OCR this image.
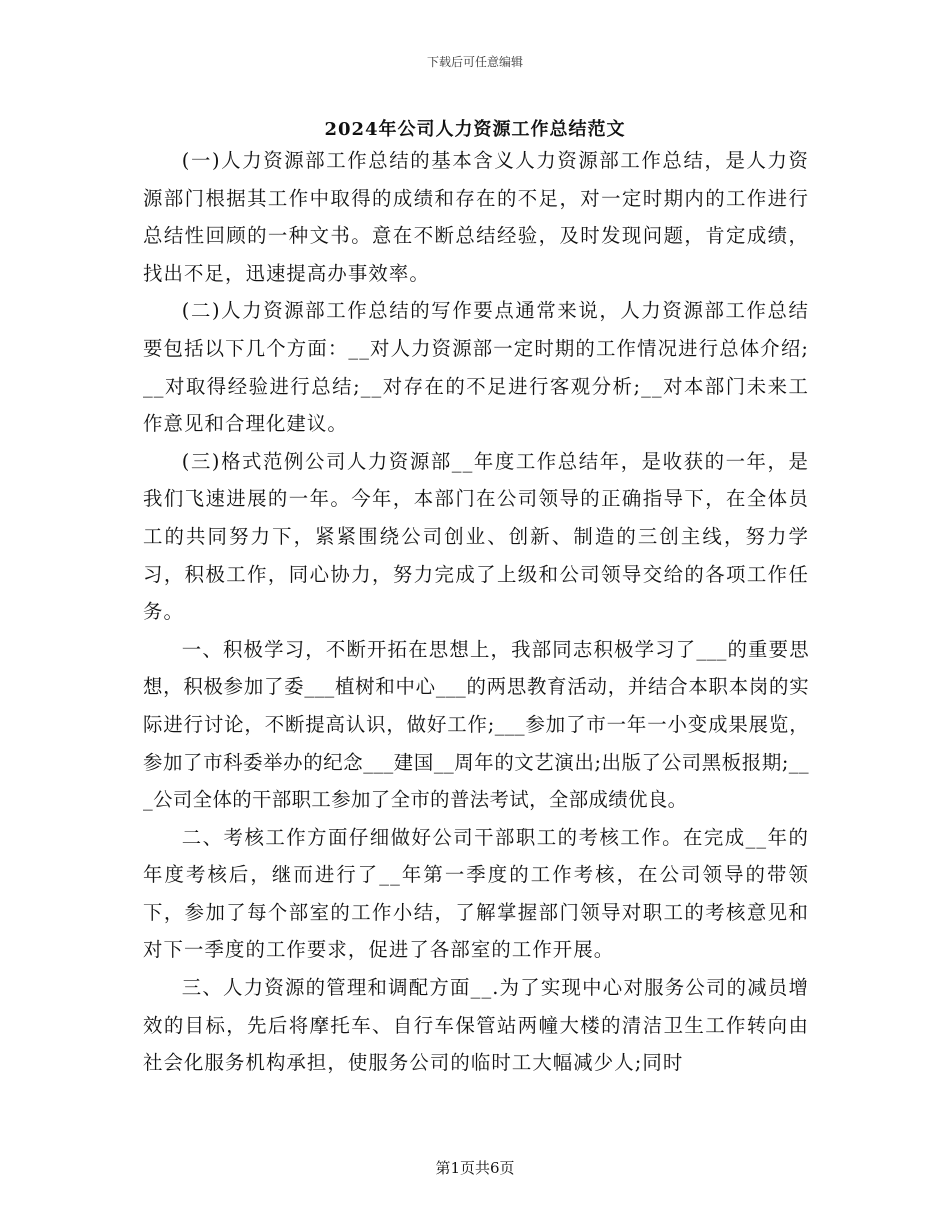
下载后可任意编辑
2024年公司人力资源工作总结范文

(一)人力资源部工作总结的基本含义人力资源部工作总结，是人力资源部门根据其工作中取得的成绩和存在的不足，对一定时期内的工作进行总结性回顾的一种文书。意在不断总结经验，及时发现问题，肯定成绩，找出不足，迅速提高办事效率。

(二)人力资源部工作总结的写作要点通常来说，人力资源部工作总结要包括以下几个方面：__对人力资源部一定时期的工作情况进行总体介绍;__对取得经验进行总结;__对存在的不足进行客观分析;__对本部门未来工作意见和合理化建议。

(三)格式范例公司人力资源部__年度工作总结年，是收获的一年，是我们飞速进展的一年。今年，本部门在公司领导的正确指导下，在全体员工的共同努力下，紧紧围绕公司创业、创新、制造的三创主线，努力学习，积极工作，同心协力，努力完成了上级和公司领导交给的各项工作任务。

一、积极学习，不断开拓在思想上，我部同志积极学习了___的重要思想，积极参加了委___植树和中心___的两思教育活动，并结合本职本岗的实际进行讨论，不断提高认识，做好工作;___参加了市一年一小变成果展览，参加了市科委举办的纪念___建国__周年的文艺演出;出版了公司黑板报期;___公司全体的干部职工参加了全市的普法考试，全部成绩优良。

二、考核工作方面仔细做好公司干部职工的考核工作。在完成__年的年度考核后，继而进行了__年第一季度的工作考核，在公司领导的带领下，参加了每个部室的工作小结，了解掌握部门领导对职工的考核意见和对下一季度的工作要求，促进了各部室的工作开展。

三、人力资源的管理和调配方面__.为了实现中心对服务公司的减员增效的目标，先后将摩托车、自行车保管站两幢大楼的清洁卫生工作转向由社会化服务机构承担，使服务公司的临时工大幅减少人;同时

第1页共6页
